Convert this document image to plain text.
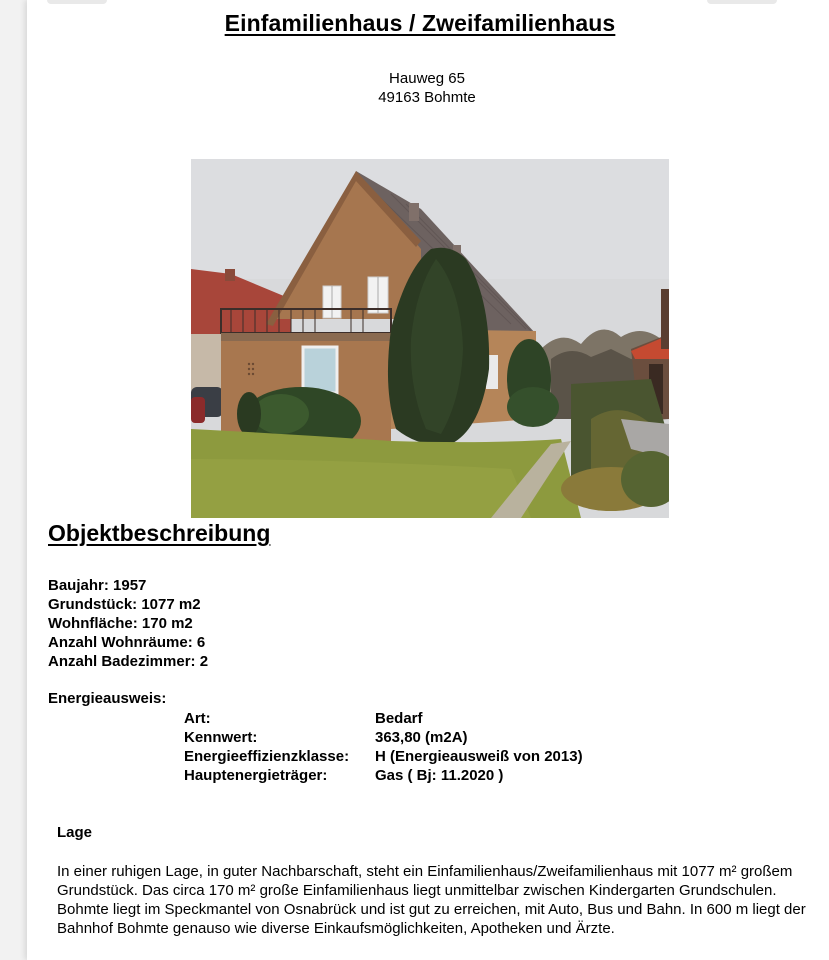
Einfamilienhaus / Zweifamilienhaus
Hauweg 65
49163 Bohmte
Objektbeschreibung
Baujahr: 1957
Grundstück: 1077 m2
Wohnfläche: 170 m2
Anzahl Wohnräume: 6
Anzahl Badezimmer: 2
Energieausweis:
Art:	Bedarf
Kennwert:	363,80 (m2A)
Energieeffizienzklasse:	H (Energieausweiß von 2013)
Hauptenergieträger:	Gas ( Bj: 11.2020 )
Lage
In einer ruhigen Lage, in guter Nachbarschaft, steht ein Einfamilienhaus/Zweifamilienhaus mit 1077 m² großem Grundstück. Das circa 170 m² große Einfamilienhaus liegt unmittelbar zwischen Kindergarten Grundschulen. Bohmte liegt im Speckmantel von Osnabrück und ist gut zu erreichen, mit Auto, Bus und Bahn. In 600 m liegt der Bahnhof Bohmte genauso wie diverse Einkaufsmöglichkeiten, Apotheken und Ärzte.
